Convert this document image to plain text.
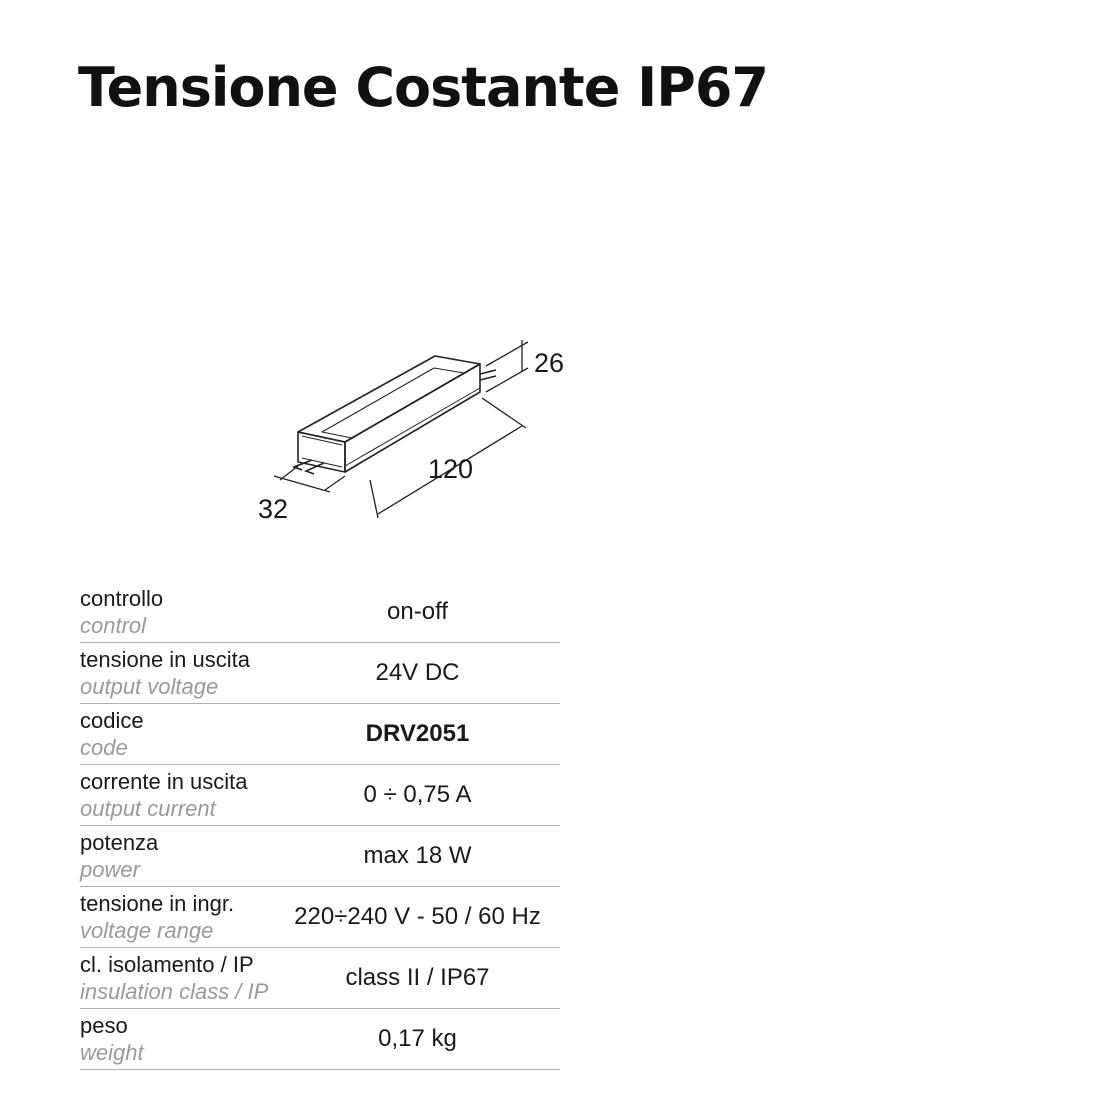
Tensione Costante IP67
26
120
32
controllo
control	on-off

tensione in uscita
output voltage	24V DC

codice
code	DRV2051

corrente in uscita
output current	0 ÷ 0,75 A

potenza
power	max 18 W

tensione in ingr.
voltage range	220÷240 V - 50 / 60 Hz

cl. isolamento / IP
insulation class / IP	class II / IP67

peso
weight	0,17 kg
